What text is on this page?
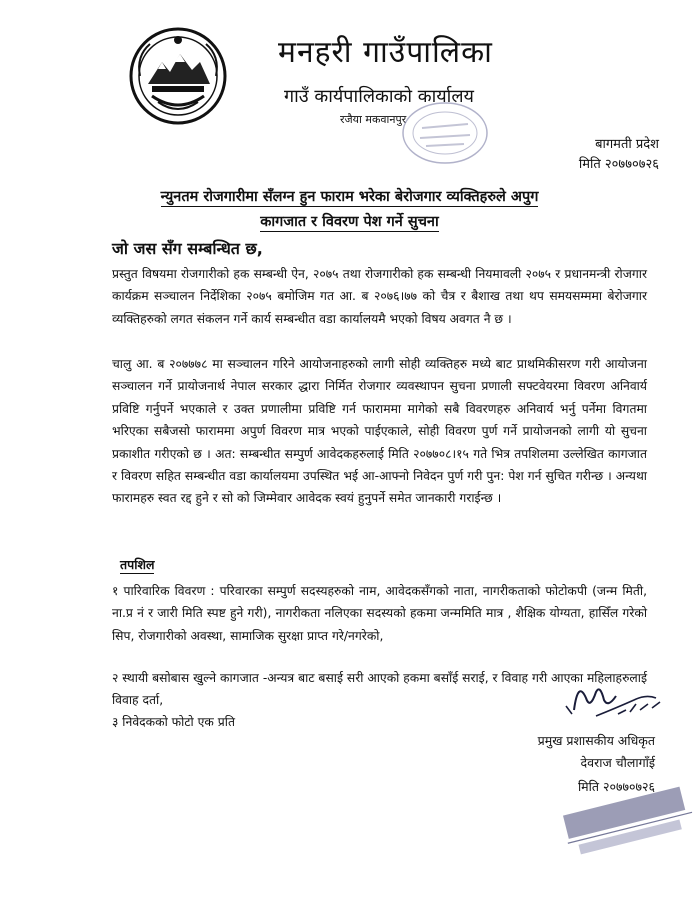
मनहरी गाउँपालिका
गाउँ कार्यपालिकाको कार्यालय
रजैया मकवानपुर
बागमती प्रदेश
मिति २०७७०७२६
न्युनतम रोजगारीमा सँलग्न हुन फाराम भरेका बेरोजगार व्यक्तिहरुले अपुग
कागजात र विवरण पेश गर्ने सुचना
जो जस सँग सम्बन्धित छ,

प्रस्तुत विषयमा रोजगारीको हक सम्बन्धी ऐन, २०७५ तथा रोजगारीको हक सम्बन्धी नियमावली २०७५ र प्रधानमन्त्री रोजगार कार्यक्रम सञ्चालन निर्देशिका २०७५ बमोजिम गत आ. ब २०७६।७७ को चैत्र र बैशाख तथा थप समयसम्ममा बेरोजगार व्यक्तिहरुको लगत संकलन गर्ने कार्य सम्बन्धीत वडा कार्यालयमै भएको विषय अवगत नै छ ।

चालु आ. ब २०७७७८ मा सञ्चालन गरिने आयोजनाहरुको लागी सोही व्यक्तिहरु मध्ये बाट प्राथमिकीसरण गरी आयोजना सञ्चालन गर्ने प्रायोजनार्थ नेपाल सरकार द्धारा निर्मित रोजगार व्यवस्थापन सुचना प्रणाली सफ्टवेयरमा विवरण अनिवार्य प्रविष्टि गर्नुपर्ने भएकाले र उक्त प्रणालीमा प्रविष्टि गर्न फाराममा मागेको सबै विवरणहरु अनिवार्य भर्नु पर्नेमा विगतमा भरिएका सबैजसो फाराममा अपुर्ण विवरण मात्र भएको पाईएकाले, सोही विवरण पुर्ण गर्ने प्रायोजनको लागी यो सुचना प्रकाशीत गरीएको छ । अत: सम्बन्धीत सम्पुर्ण आवेदकहरुलाई मिति २०७७०८।१५ गते भित्र तपशिलमा उल्लेखित कागजात र विवरण सहित सम्बन्धीत वडा कार्यालयमा उपस्थित भई आ-आफ्नो निवेदन पुर्ण गरी पुन: पेश गर्न सुचित गरीन्छ । अन्यथा फारामहरु स्वत रद्द हुने र सो को जिम्मेवार आवेदक स्वयं हुनुपर्ने समेत जानकारी गराईन्छ ।

तपशिल

१ पारिवारिक विवरण : परिवारका सम्पुर्ण सदस्यहरुको नाम, आवेदकसँगको नाता, नागरीकताको फोटोकपी (जन्म मिती, ना.प्र नं र जारी मिति स्पष्ट हुने गरी), नागरीकता नलिएका सदस्यको हकमा जन्ममिति मात्र , शैक्षिक योग्यता, हासिँल गरेको सिप, रोजगारीको अवस्था, सामाजिक सुरक्षा प्राप्त गरे/नगरेको,

२ स्थायी बसोबास खुल्ने कागजात -अन्यत्र बाट बसाई सरी आएको हकमा बसाँई सराई, र विवाह गरी आएका महिलाहरुलाई विवाह दर्ता,

३ निवेदकको फोटो एक प्रति

प्रमुख प्रशासकीय अधिकृत
देवराज चौलागाँई
मिति २०७७०७२६
